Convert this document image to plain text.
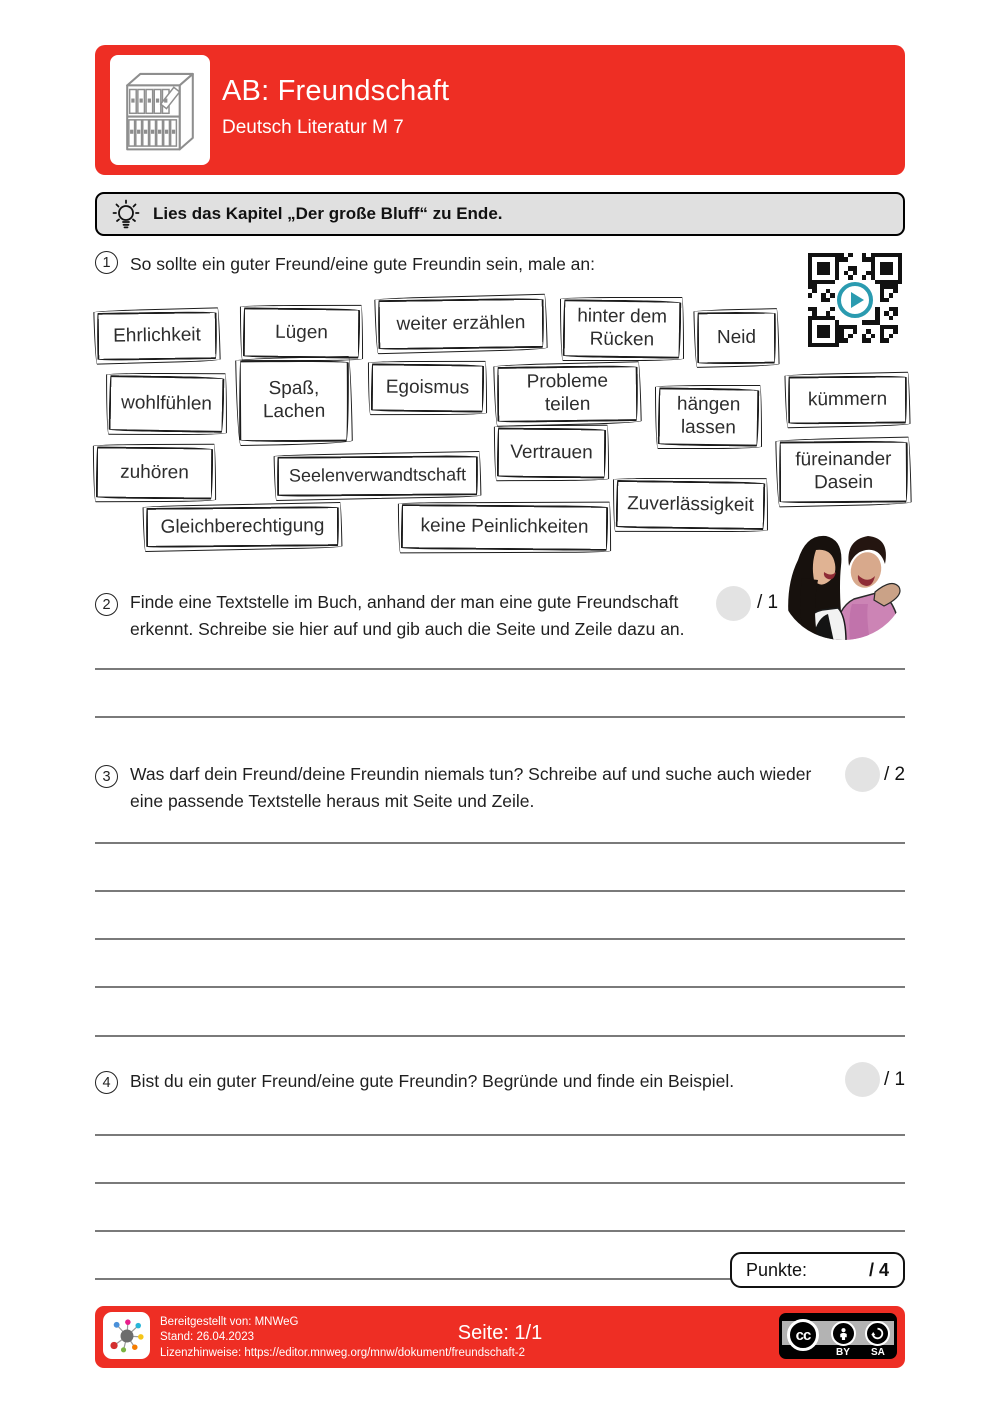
AB: Freundschaft
Deutsch Literatur M 7
Lies das Kapitel „Der große Bluff“ zu Ende.
1	So sollte ein guter Freund/eine gute Freundin sein, male an:
Ehrlichkeit	Lügen	weiter erzählen	hinter dem Rücken	Neid
wohlfühlen
Spaß, Lachen
Egoismus	Probleme teilen	hängen lassen
kümmern
zuhören	Seelenverwandtschaft
Vertrauen	füreinander Dasein
Zuverlässigkeit
Gleichberechtigung	keine Peinlichkeiten
2	Finde eine Textstelle im Buch, anhand der man eine gute Freundschaft erkennt. Schreibe sie hier auf und gib auch die Seite und Zeile dazu an.
/ 1
3	Was darf dein Freund/deine Freundin niemals tun? Schreibe auf und suche auch wieder eine passende Textstelle heraus mit Seite und Zeile.
/ 2
4	Bist du ein guter Freund/eine gute Freundin? Begründe und finde ein Beispiel.	/ 1
Punkte:	/ 4
Bereitgestellt von: MNWeG
Stand: 26.04.2023
Lizenzhinweise: https://editor.mnweg.org/mnw/dokument/freundschaft-2
Seite: 1/1	cc
BY SA
